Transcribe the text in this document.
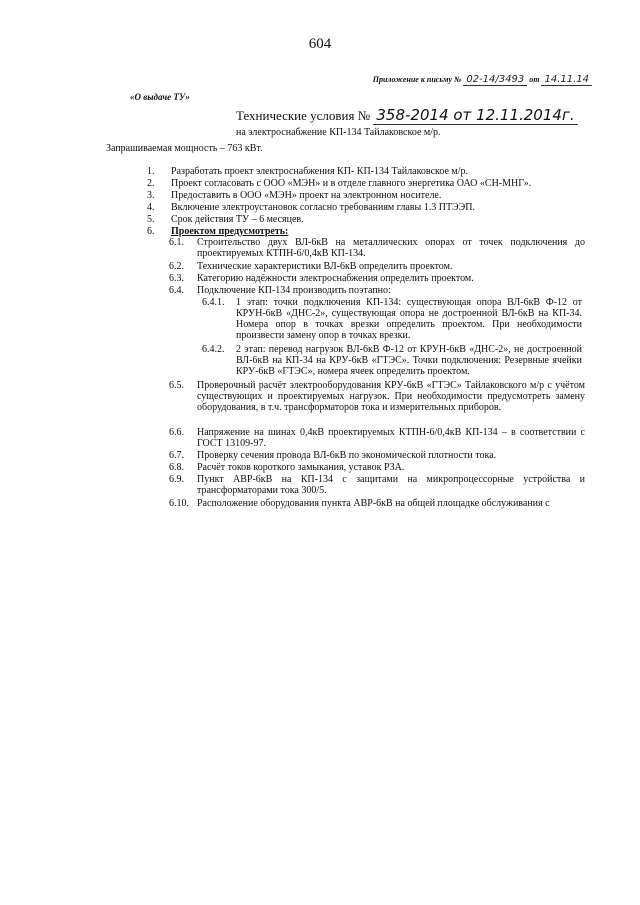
604
Приложение к письму № 02-14/3493 от 14.11.14
«О выдаче ТУ»
Технические условия № 358-2014 от 12.11.2014г.
на электроснабжение КП-134 Тайлаковское м/р.
Запрашиваемая мощность – 763 кВт.
1. Разработать проект электроснабжения КП- КП-134 Тайлаковское м/р.
2. Проект согласовать с ООО «МЭН» и в отделе главного энергетика ОАО «СН-МНГ».
3. Предоставить в ООО «МЭН» проект на электронном носителе.
4. Включение электроустановок согласно требованиям главы 1.3 ПТЭЭП.
5. Срок действия ТУ – 6 месяцев.
6. Проектом предусмотреть:
6.1. Строительство двух ВЛ-6кВ на металлических опорах от точек подключения до проектируемых КТПН-6/0,4кВ КП-134.
6.2. Технические характеристики ВЛ-6кВ определить проектом.
6.3. Категорию надёжности электроснабжения определить проектом.
6.4. Подключение КП-134 производить поэтапно:
6.4.1. 1 этап: точки подключения КП-134: существующая опора ВЛ-6кВ Ф-12 от КРУН-6кВ «ДНС-2», существующая опора не достроенной ВЛ-6кВ на КП-34. Номера опор в точках врезки определить проектом. При необходимости произвести замену опор в точках врезки.
6.4.2. 2 этап: перевод нагрузок ВЛ-6кВ Ф-12 от КРУН-6кВ «ДНС-2», не достроенной ВЛ-6кВ на КП-34 на КРУ-6кВ «ГТЭС». Точки подключения: Резервные ячейки КРУ-6кВ «ГТЭС», номера ячеек определить проектом.
6.5. Проверочный расчёт электрооборудования КРУ-6кВ «ГТЭС» Тайлаковского м/р с учётом существующих и проектируемых нагрузок. При необходимости предусмотреть замену оборудования, в т.ч. трансформаторов тока и измерительных приборов.
6.6. Напряжение на шинах 0,4кВ проектируемых КТПН-6/0,4кВ КП-134 – в соответствии с ГОСТ 13109-97.
6.7. Проверку сечения провода ВЛ-6кВ по экономической плотности тока.
6.8. Расчёт токов короткого замыкания, уставок РЗА.
6.9. Пункт АВР-6кВ на КП-134 с защитами на микропроцессорные устройства и трансформаторами тока 300/5.
6.10. Расположение оборудования пункта АВР-6кВ на общей площадке обслуживания с
